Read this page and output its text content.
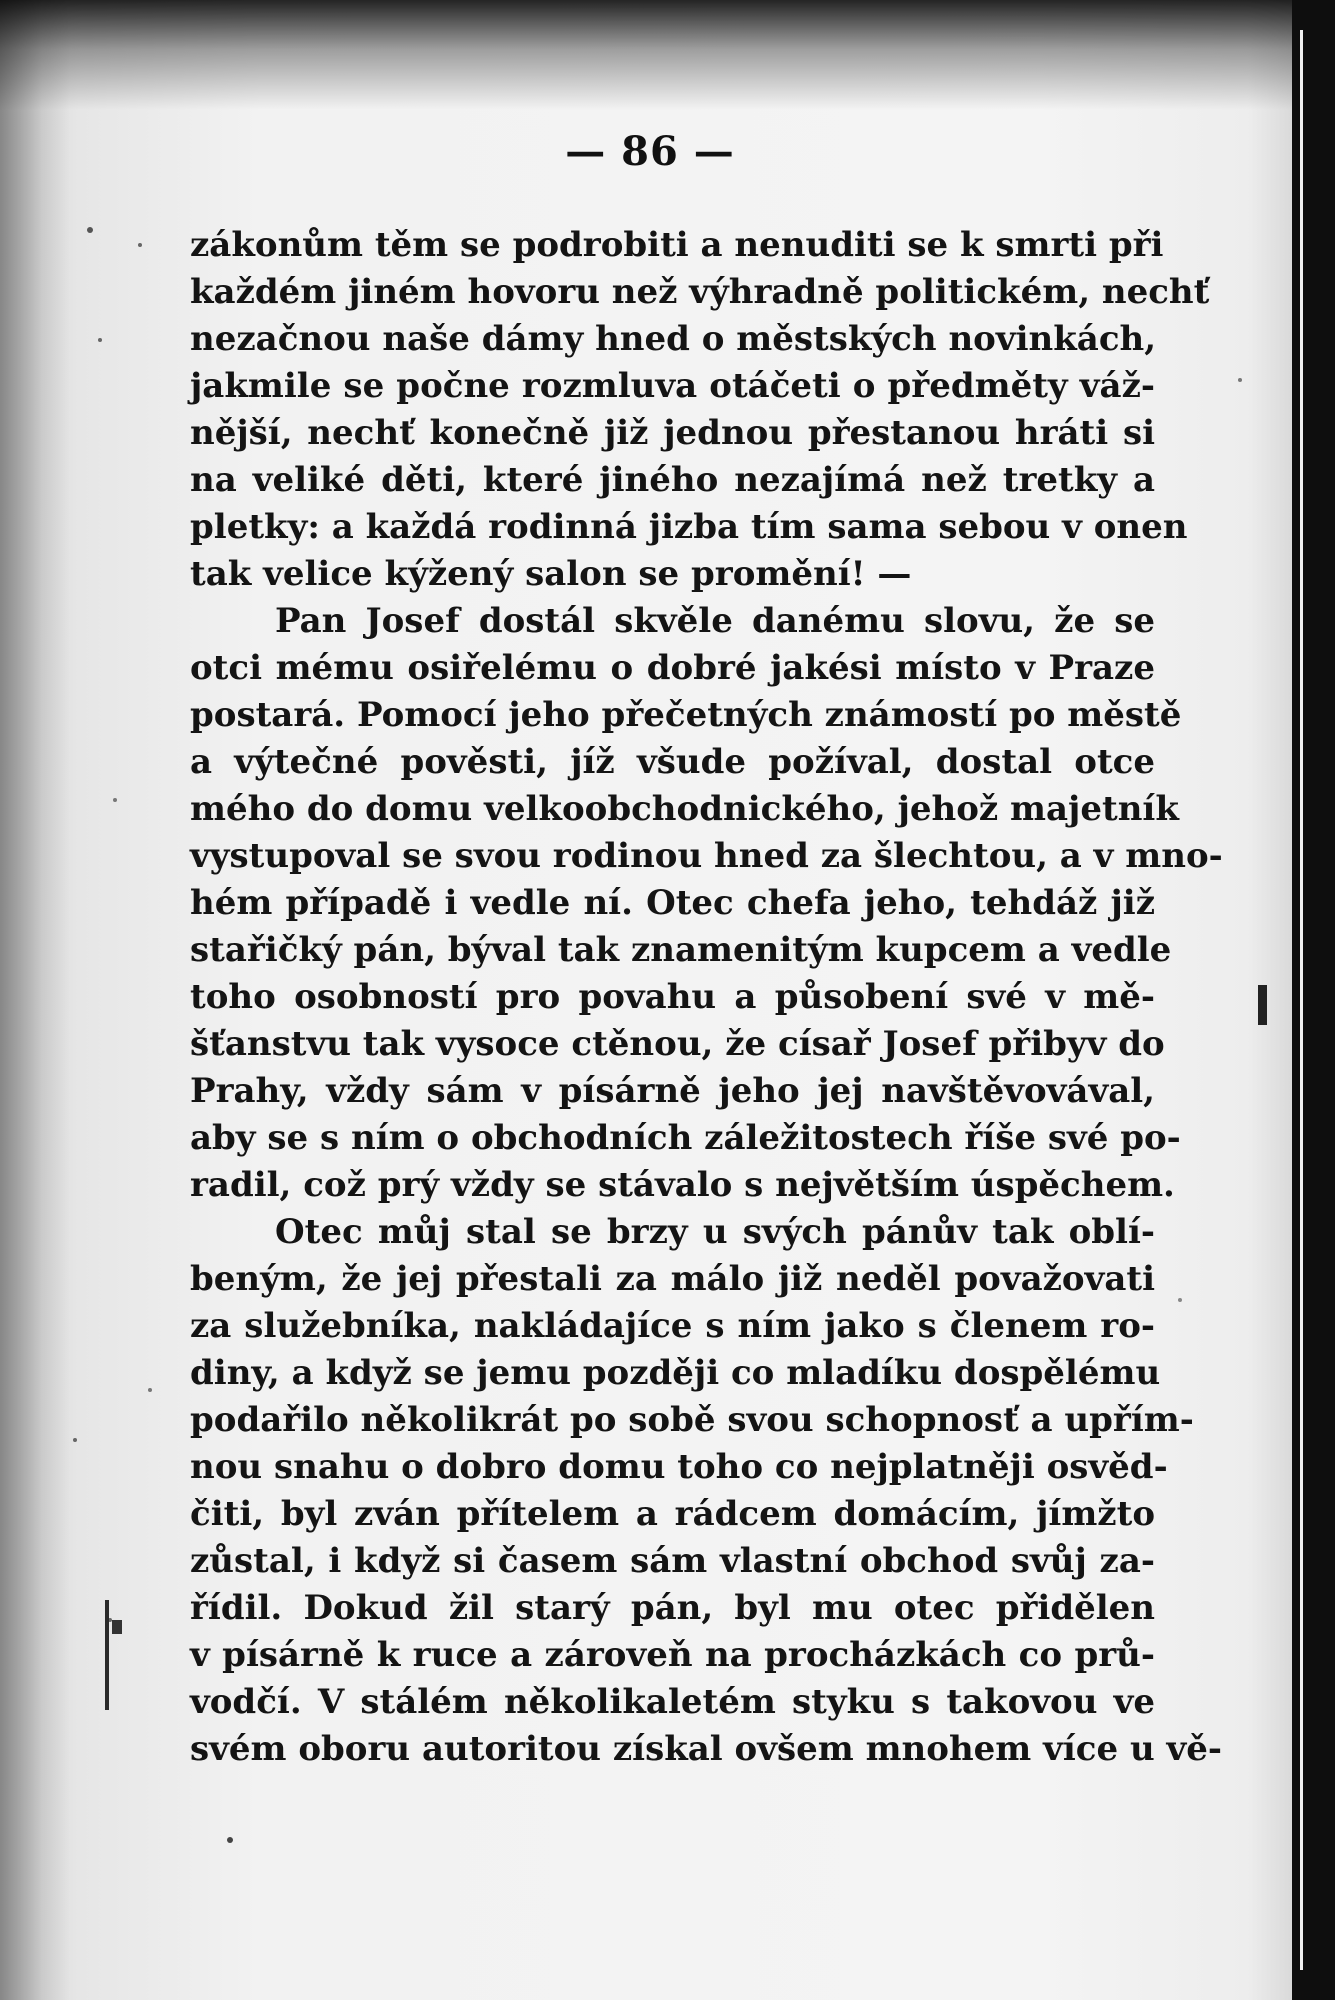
— 86 —
zákonům těm se podrobiti a nenuditi se k smrti při
každém jiném hovoru než výhradně politickém, nechť
nezačnou naše dámy hned o městských novinkách,
jakmile se počne rozmluva otáčeti o předměty váž-
nější, nechť konečně již jednou přestanou hráti si
na veliké děti, které jiného nezajímá než tretky a
pletky: a každá rodinná jizba tím sama sebou v onen
tak velice kýžený salon se promění! —
Pan Josef dostál skvěle danému slovu, že se
otci mému osiřelému o dobré jakési místo v Praze
postará. Pomocí jeho přečetných známostí po městě
a výtečné pověsti, jíž všude požíval, dostal otce
mého do domu velkoobchodnického, jehož majetník
vystupoval se svou rodinou hned za šlechtou, a v mno-
hém případě i vedle ní. Otec chefa jeho, tehdáž již
stařičký pán, býval tak znamenitým kupcem a vedle
toho osobností pro povahu a působení své v mě-
šťanstvu tak vysoce ctěnou, že císař Josef přibyv do
Prahy, vždy sám v písárně jeho jej navštěvovával,
aby se s ním o obchodních záležitostech říše své po-
radil, což prý vždy se stávalo s největším úspěchem.
Otec můj stal se brzy u svých pánův tak oblí-
beným, že jej přestali za málo již neděl považovati
za služebníka, nakládajíce s ním jako s členem ro-
diny, a když se jemu později co mladíku dospělému
podařilo několikrát po sobě svou schopnosť a upřím-
nou snahu o dobro domu toho co nejplatněji osvěd-
čiti, byl zván přítelem a rádcem domácím, jímžto
zůstal, i když si časem sám vlastní obchod svůj za-
řídil. Dokud žil starý pán, byl mu otec přidělen
v písárně k ruce a zároveň na procházkách co prů-
vodčí. V stálém několikaletém styku s takovou ve
svém oboru autoritou získal ovšem mnohem více u vě-
